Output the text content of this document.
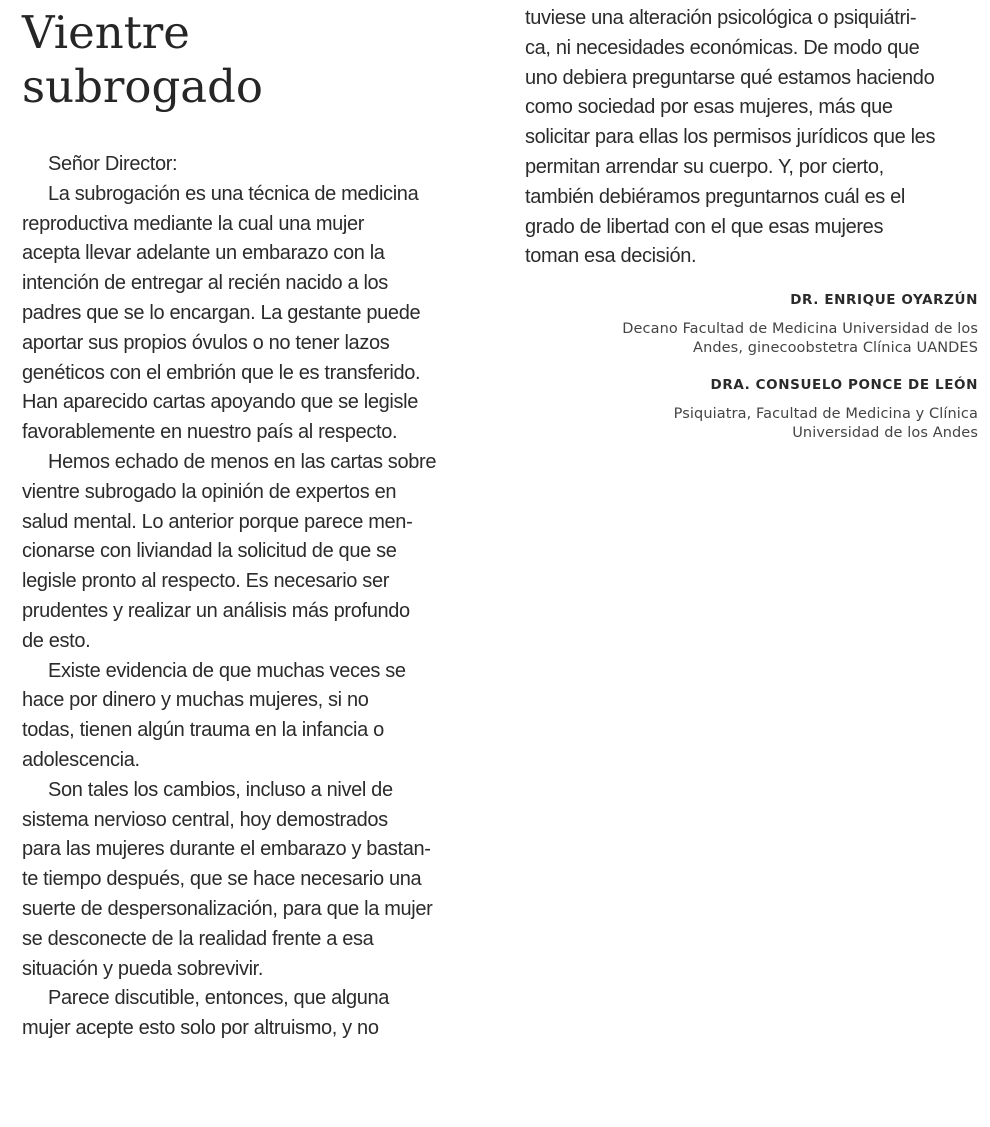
Vientre
subrogado
Señor Director:
La subrogación es una técnica de medicina
reproductiva mediante la cual una mujer
acepta llevar adelante un embarazo con la
intención de entregar al recién nacido a los
padres que se lo encargan. La gestante puede
aportar sus propios óvulos o no tener lazos
genéticos con el embrión que le es transferido.
Han aparecido cartas apoyando que se legisle
favorablemente en nuestro país al respecto.
Hemos echado de menos en las cartas sobre
vientre subrogado la opinión de expertos en
salud mental. Lo anterior porque parece men-
cionarse con liviandad la solicitud de que se
legisle pronto al respecto. Es necesario ser
prudentes y realizar un análisis más profundo
de esto.
Existe evidencia de que muchas veces se
hace por dinero y muchas mujeres, si no
todas, tienen algún trauma en la infancia o
adolescencia.
Son tales los cambios, incluso a nivel de
sistema nervioso central, hoy demostrados
para las mujeres durante el embarazo y bastan-
te tiempo después, que se hace necesario una
suerte de despersonalización, para que la mujer
se desconecte de la realidad frente a esa
situación y pueda sobrevivir.
Parece discutible, entonces, que alguna
mujer acepte esto solo por altruismo, y no
tuviese una alteración psicológica o psiquiátri-
ca, ni necesidades económicas. De modo que
uno debiera preguntarse qué estamos haciendo
como sociedad por esas mujeres, más que
solicitar para ellas los permisos jurídicos que les
permitan arrendar su cuerpo. Y, por cierto,
también debiéramos preguntarnos cuál es el
grado de libertad con el que esas mujeres
toman esa decisión.
DR. ENRIQUE OYARZÚN
Decano Facultad de Medicina Universidad de los
Andes, ginecoobstetra Clínica UANDES
DRA. CONSUELO PONCE DE LEÓN
Psiquiatra, Facultad de Medicina y Clínica
Universidad de los Andes
